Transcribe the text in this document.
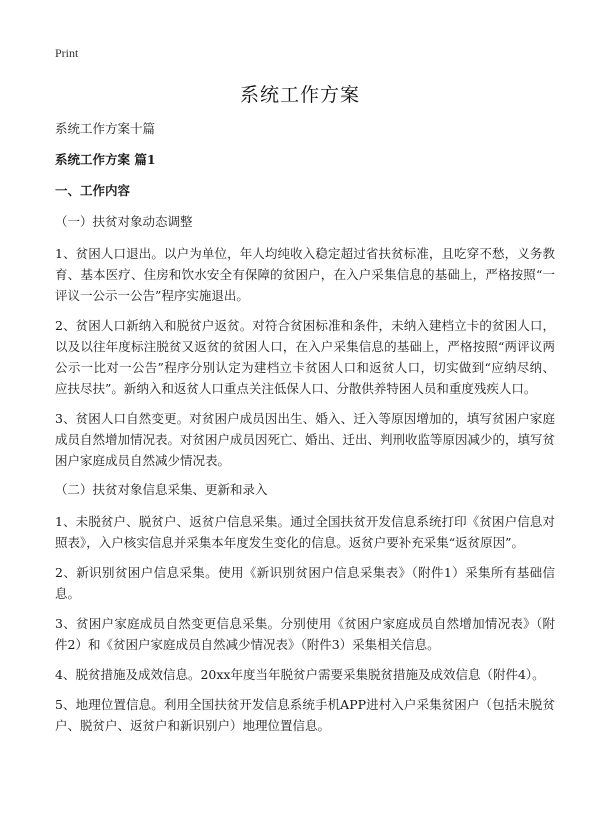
Print
系统工作方案

系统工作方案十篇

系统工作方案 篇1

一、工作内容

（一）扶贫对象动态调整

1、贫困人口退出。以户为单位，年人均纯收入稳定超过省扶贫标准，且吃穿不愁，义务教育、基本医疗、住房和饮水安全有保障的贫困户，在入户采集信息的基础上，严格按照“一评议一公示一公告”程序实施退出。

2、贫困人口新纳入和脱贫户返贫。对符合贫困标准和条件，未纳入建档立卡的贫困人口，以及以往年度标注脱贫又返贫的贫困人口，在入户采集信息的基础上，严格按照“两评议两公示一比对一公告”程序分别认定为建档立卡贫困人口和返贫人口，切实做到“应纳尽纳、应扶尽扶”。新纳入和返贫人口重点关注低保人口、分散供养特困人员和重度残疾人口。

3、贫困人口自然变更。对贫困户成员因出生、婚入、迁入等原因增加的，填写贫困户家庭成员自然增加情况表。对贫困户成员因死亡、婚出、迁出、判刑收监等原因减少的，填写贫困户家庭成员自然减少情况表。

（二）扶贫对象信息采集、更新和录入

1、未脱贫户、脱贫户、返贫户信息采集。通过全国扶贫开发信息系统打印《贫困户信息对照表》，入户核实信息并采集本年度发生变化的信息。返贫户要补充采集“返贫原因”。

2、新识别贫困户信息采集。使用《新识别贫困户信息采集表》（附件1）采集所有基础信息。

3、贫困户家庭成员自然变更信息采集。分别使用《贫困户家庭成员自然增加情况表》（附件2）和《贫困户家庭成员自然减少情况表》（附件3）采集相关信息。

4、脱贫措施及成效信息。20xx年度当年脱贫户需要采集脱贫措施及成效信息（附件4）。

5、地理位置信息。利用全国扶贫开发信息系统手机APP进村入户采集贫困户（包括未脱贫户、脱贫户、返贫户和新识别户）地理位置信息。
